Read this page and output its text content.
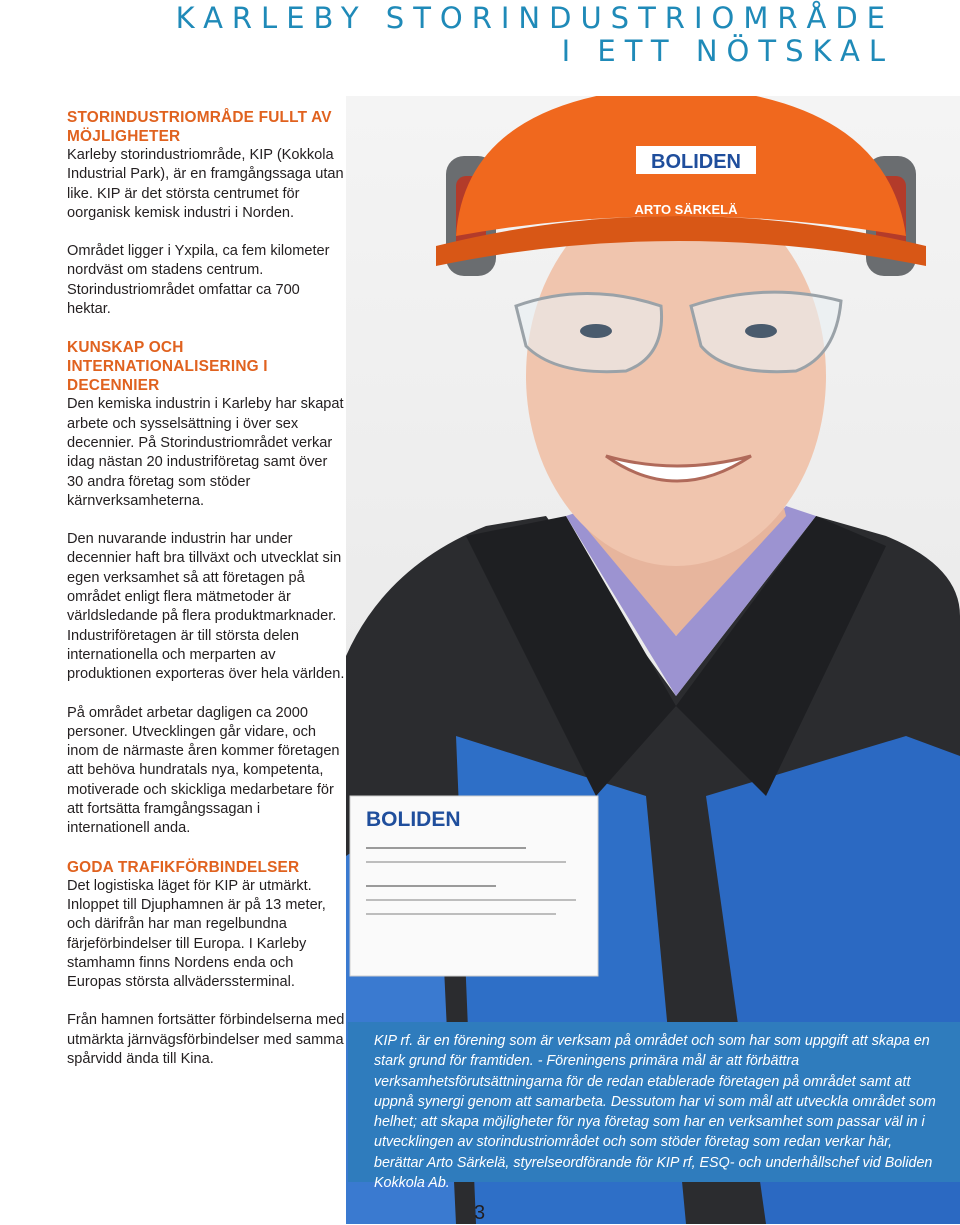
KARLEBY STORINDUSTRIOMRÅDE
I ETT NÖTSKAL
BOLIDEN
ARTO SÄRKELÄ
BOLIDEN
STORINDUSTRIOMRÅDE FULLT AV MÖJLIGHETER

Karleby storindustriområde, KIP (Kokkola Industrial Park), är en framgångssaga utan like. KIP är det största centrumet för oorganisk kemisk industri i Norden.

Området ligger i Yxpila, ca fem kilometer nordväst om stadens centrum. Storindustriområdet omfattar ca 700 hektar.

KUNSKAP OCH INTERNATIONALISERING I DECENNIER

Den kemiska industrin i Karleby har skapat arbete och sysselsättning i över sex decennier. På Storindustriområdet verkar idag nästan 20 industriföretag samt över 30 andra företag som stöder kärnverksamheterna.

Den nuvarande industrin har under decennier haft bra tillväxt och utvecklat sin egen verksamhet så att företagen på området enligt flera mätmetoder är världsledande på flera produktmarknader. Industriföretagen är till största delen internationella och merparten av produktionen exporteras över hela världen.

På området arbetar dagligen ca 2000 personer. Utvecklingen går vidare, och inom de närmaste åren kommer företagen att behöva hundratals nya, kompetenta, motiverade och skickliga medarbetare för att fortsätta framgångssagan i internationell anda.

GODA TRAFIKFÖRBINDELSER

Det logistiska läget för KIP är utmärkt. Inloppet till Djuphamnen är på 13 meter, och därifrån har man regelbundna färjeförbindelser till Europa. I Karleby stamhamn finns Nordens enda och Europas största allväderssterminal.

Från hamnen fortsätter förbindelserna med utmärkta järnvägsförbindelser med samma spårvidd ända till Kina.

KIP rf. är en förening som är verksam på området och som har som uppgift att skapa en stark grund för framtiden. - Föreningens primära mål är att förbättra verksamhetsförutsättningarna för de redan etablerade företagen på området samt att uppnå synergi genom att samarbeta. Dessutom har vi som mål att utveckla området som helhet; att skapa möjligheter för nya företag som har en verksamhet som passar väl in i utvecklingen av storindustriområdet och som stöder företag som redan verkar här, berättar Arto Särkelä, styrelseordförande för KIP rf, ESQ- och underhållschef vid Boliden Kokkola Ab.
3
